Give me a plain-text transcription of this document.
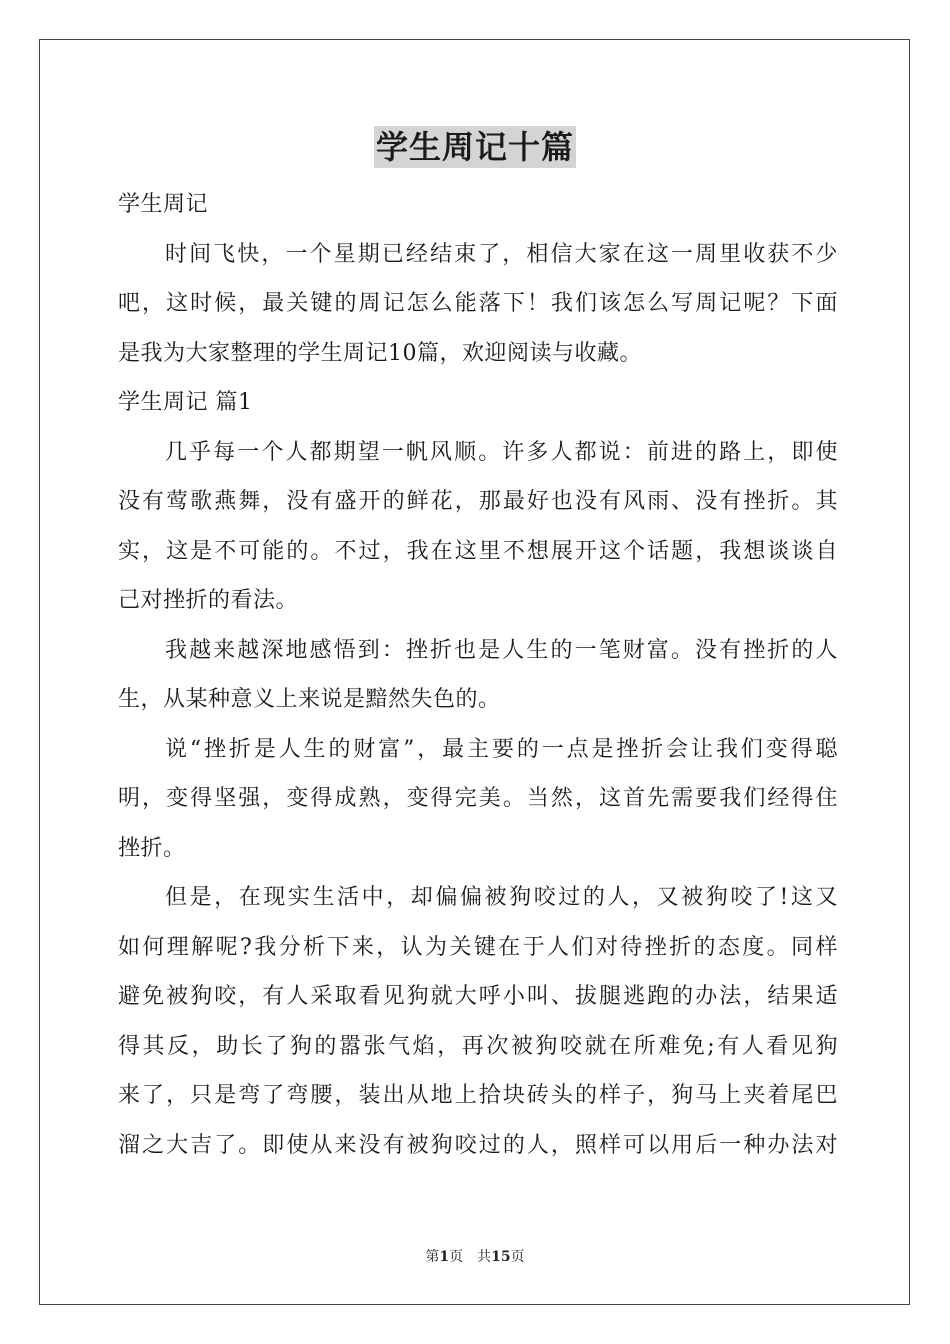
学生周记十篇
学生周记
时间飞快，一个星期已经结束了，相信大家在这一周里收获不少
吧，这时候，最关键的周记怎么能落下！我们该怎么写周记呢？下面
是我为大家整理的学生周记10篇，欢迎阅读与收藏。
学生周记 篇1
几乎每一个人都期望一帆风顺。许多人都说：前进的路上，即使
没有莺歌燕舞，没有盛开的鲜花，那最好也没有风雨、没有挫折。其
实，这是不可能的。不过，我在这里不想展开这个话题，我想谈谈自
己对挫折的看法。
我越来越深地感悟到：挫折也是人生的一笔财富。没有挫折的人
生，从某种意义上来说是黯然失色的。
说“挫折是人生的财富”，最主要的一点是挫折会让我们变得聪
明，变得坚强，变得成熟，变得完美。当然，这首先需要我们经得住
挫折。
但是，在现实生活中，却偏偏被狗咬过的人，又被狗咬了!这又
如何理解呢?我分析下来，认为关键在于人们对待挫折的态度。同样
避免被狗咬，有人采取看见狗就大呼小叫、拔腿逃跑的办法，结果适
得其反，助长了狗的嚣张气焰，再次被狗咬就在所难免;有人看见狗
来了，只是弯了弯腰，装出从地上拾块砖头的样子，狗马上夹着尾巴
溜之大吉了。即使从来没有被狗咬过的人，照样可以用后一种办法对
第1页　共15页
